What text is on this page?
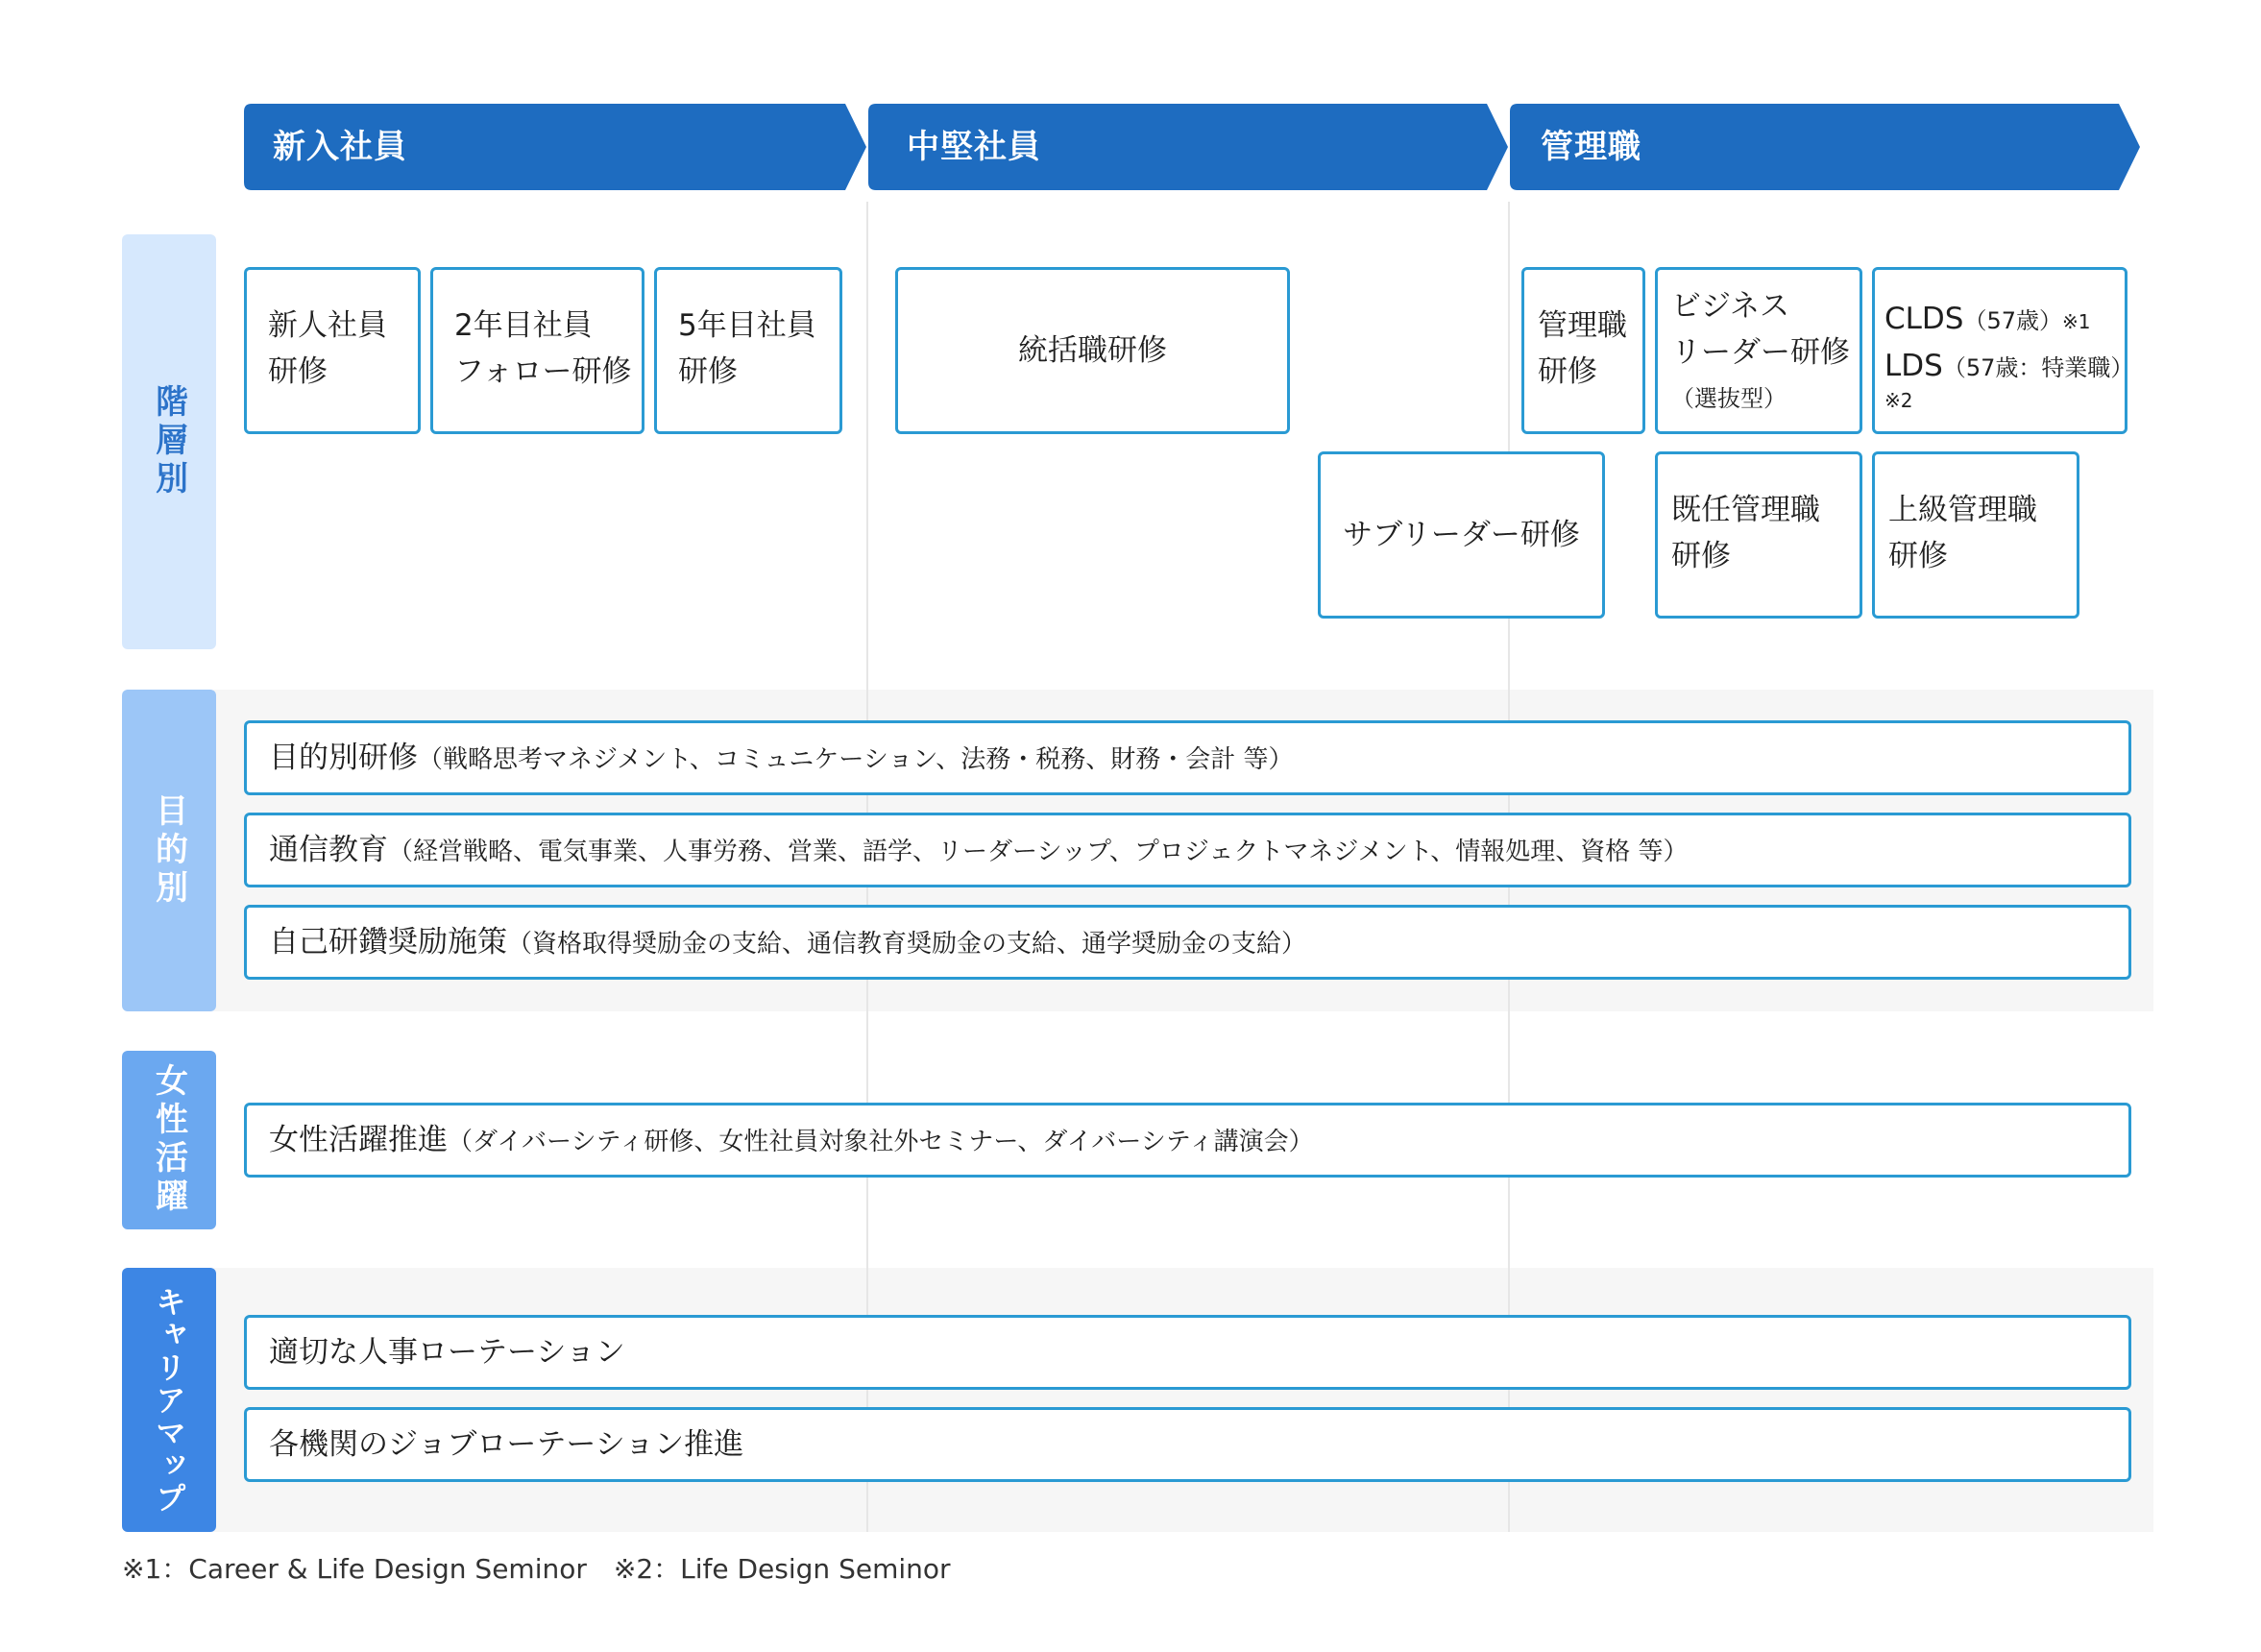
新入社員	中堅社員	管理職
階層別
目的別
女性活躍
キャリアマップ
新人社員
研修
2年目社員
フォロー研修
5年目社員
研修
統括職研修
サブリーダー研修
管理職
研修
ビジネス
リーダー研修
（選抜型）
CLDS（57歳）※1
LDS（57歳：特業職）
※2
既任管理職
研修
上級管理職
研修
目的別研修（戦略思考マネジメント、コミュニケーション、法務・税務、財務・会計 等）
通信教育（経営戦略、電気事業、人事労務、営業、語学、リーダーシップ、プロジェクトマネジメント、情報処理、資格 等）
自己研鑽奨励施策（資格取得奨励金の支給、通信教育奨励金の支給、通学奨励金の支給）
女性活躍推進（ダイバーシティ研修、女性社員対象社外セミナー、ダイバーシティ講演会）
適切な人事ローテーション
各機関のジョブローテーション推進
※1：Career & Life Design Seminor　※2：Life Design Seminor
